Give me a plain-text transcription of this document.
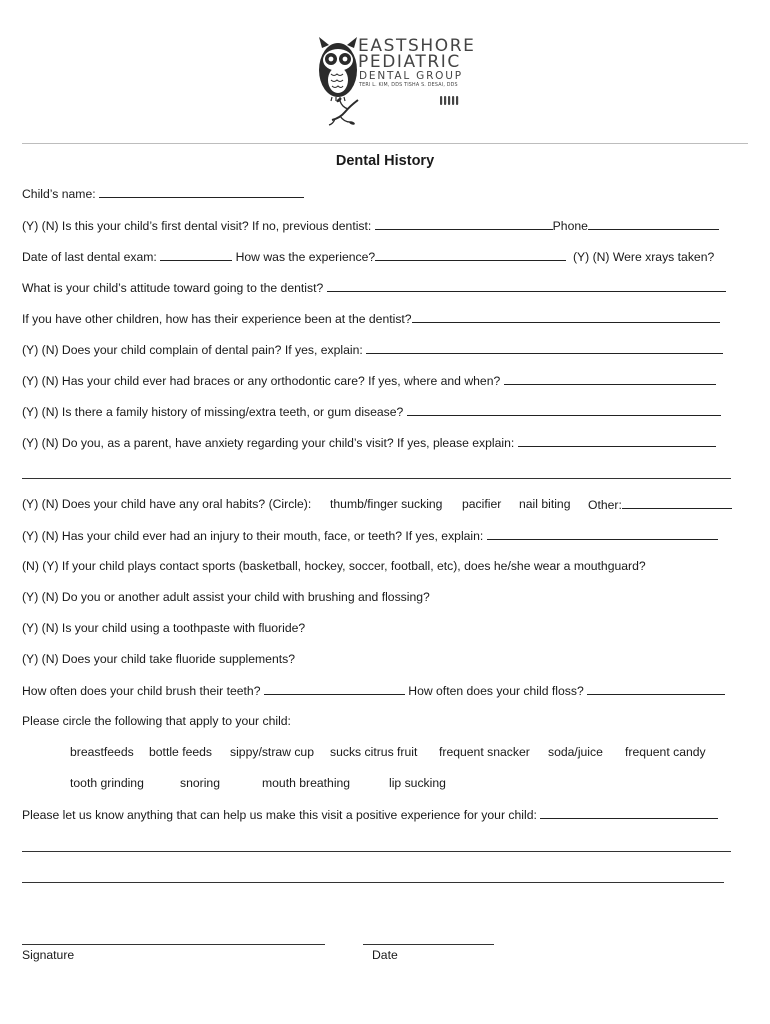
EASTSHORE
PEDIATRIC
DENTAL GROUP
TERI L. KIM, DDS TISHA S. DESAI, DDS
Dental History
Child’s name:
(Y) (N) Is this your child’s first dental visit? If no, previous dentist:	Phone
Date of last dental exam:	How was the experience?	(Y) (N) Were xrays taken?
What is your child’s attitude toward going to the dentist?
If you have other children, how has their experience been at the dentist?
(Y) (N) Does your child complain of dental pain? If yes, explain:
(Y) (N) Has your child ever had braces or any orthodontic care? If yes, where and when?
(Y) (N) Is there a family history of missing/extra teeth, or gum disease?
(Y) (N) Do you, as a parent, have anxiety regarding your child’s visit? If yes, please explain:
(Y) (N) Does your child have any oral habits? (Circle):	thumb/finger sucking pacifier nail biting Other:
(Y) (N) Has your child ever had an injury to their mouth, face, or teeth? If yes, explain:
(N) (Y) If your child plays contact sports (basketball, hockey, soccer, football, etc), does he/she wear a mouthguard?
(Y) (N) Do you or another adult assist your child with brushing and flossing?
(Y) (N) Is your child using a toothpaste with fluoride?
(Y) (N) Does your child take fluoride supplements?
How often does your child brush their teeth?	How often does your child floss?
Please circle the following that apply to your child:
breastfeeds bottle feeds sippy/straw cup sucks citrus fruit frequent snacker soda/juice frequent candy
tooth grinding	snoring	mouth breathing	lip sucking
Please let us know anything that can help us make this visit a positive experience for your child:
Signature	Date
